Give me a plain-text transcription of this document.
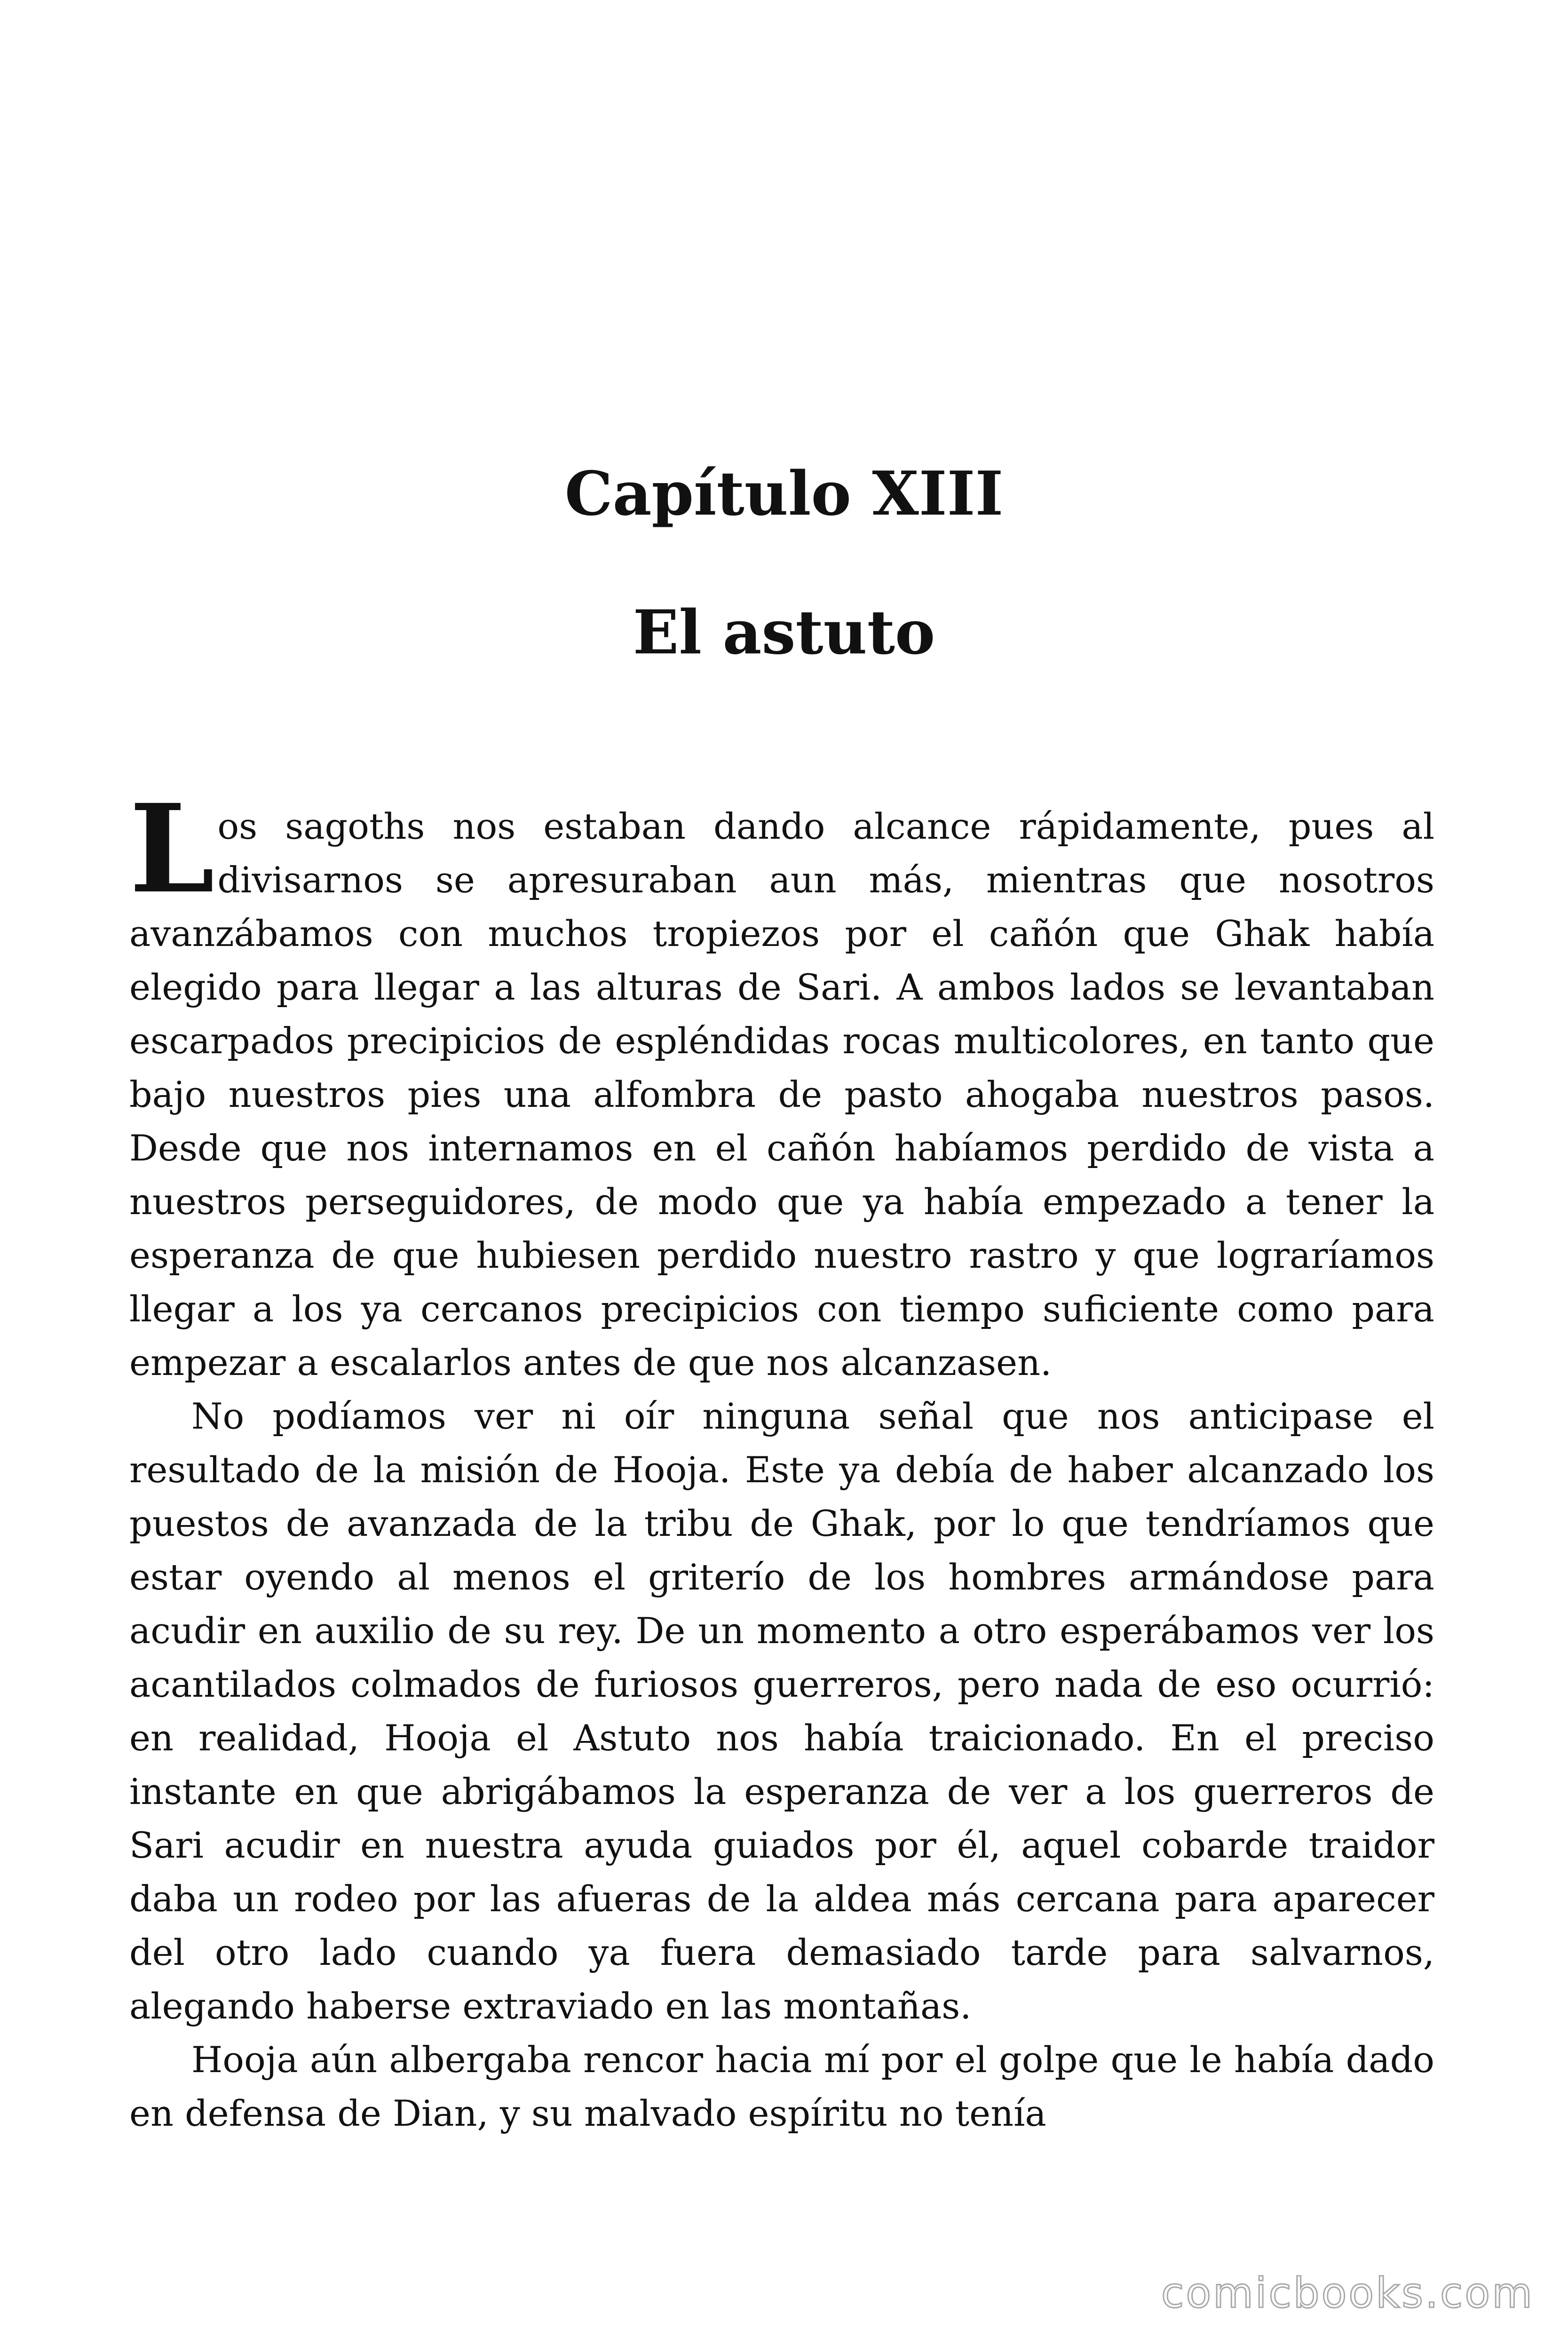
Capítulo XIII
El astuto

Los sagoths nos estaban dando alcance rápidamente, pues al divisarnos se apresuraban aun más, mientras que nosotros avanzábamos con muchos tropiezos por el cañón que Ghak había elegido para llegar a las alturas de Sari. A ambos lados se levantaban escarpados precipicios de espléndidas rocas multicolores, en tanto que bajo nuestros pies una alfombra de pasto ahogaba nuestros pasos. Desde que nos internamos en el cañón habíamos perdido de vista a nuestros perseguidores, de modo que ya había empezado a tener la esperanza de que hubiesen perdido nuestro rastro y que lograríamos llegar a los ya cercanos precipicios con tiempo suficiente como para empezar a escalarlos antes de que nos alcanzasen.

No podíamos ver ni oír ninguna señal que nos anticipase el resultado de la misión de Hooja. Este ya debía de haber alcanzado los puestos de avanzada de la tribu de Ghak, por lo que tendríamos que estar oyendo al menos el griterío de los hombres armándose para acudir en auxilio de su rey. De un momento a otro esperábamos ver los acantilados colmados de furiosos guerreros, pero nada de eso ocurrió: en realidad, Hooja el Astuto nos había traicionado. En el preciso instante en que abrigábamos la esperanza de ver a los guerreros de Sari acudir en nuestra ayuda guiados por él, aquel cobarde traidor daba un rodeo por las afueras de la aldea más cercana para aparecer del otro lado cuando ya fuera demasiado tarde para salvarnos, alegando haberse extraviado en las montañas.

Hooja aún albergaba rencor hacia mí por el golpe que le había dado en defensa de Dian, y su malvado espíritu no tenía

comicbooks.com
